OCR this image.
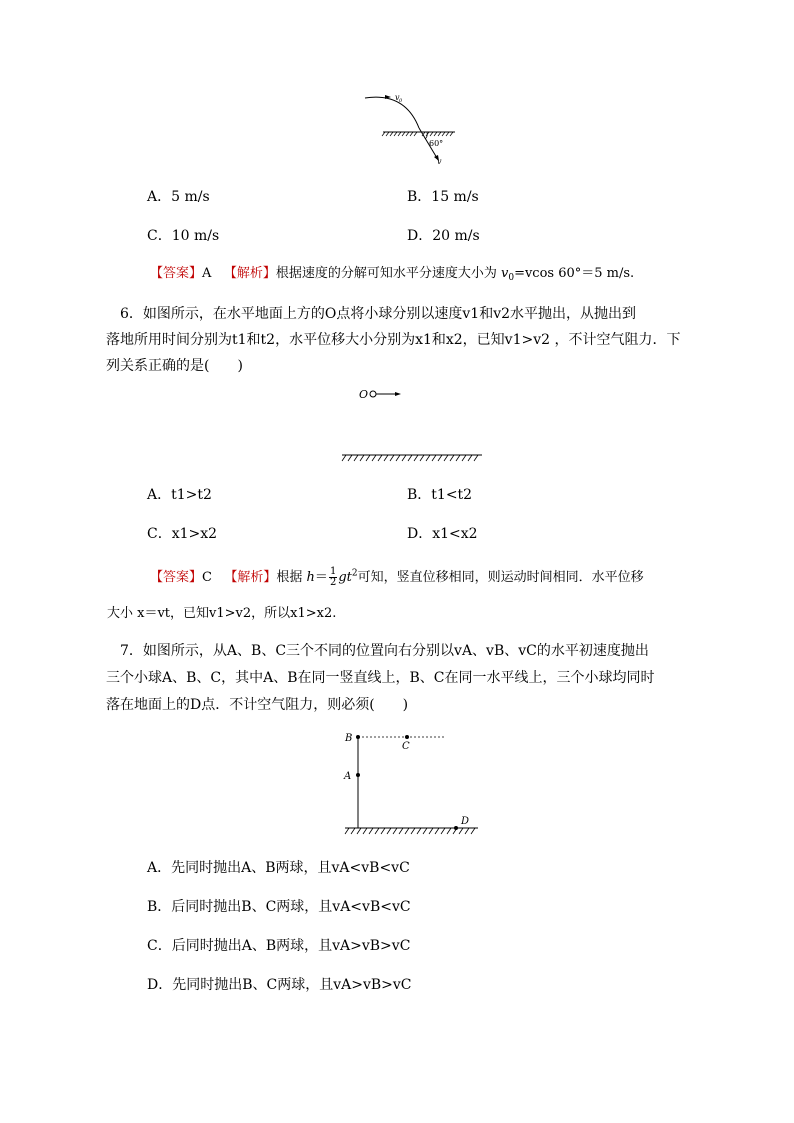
v 0
60°
v
A．5 m/s	B．15 m/s
C．10 m/s	D．20 m/s
【答案】A 【解析】根据速度的分解可知水平分速度大小为 $v_0=vcos$ 60°＝5 m/s.
6．如图所示，在水平地面上方的O点将小球分别以速度v1和v2水平抛出，从抛出到
落地所用时间分别为t1和t2，水平位移大小分别为x1和x2，已知v1>v2 ，不计空气阻力．下
列关系正确的是(　　)
O
A．t1>t2	B．t1<t2
C．x1>x2	D．x1<x2
【答案】C 【解析】根据 $h= \frac{1}{2} gt^2$可知，竖直位移相同，则运动时间相同．水平位移
大小 x＝vt，已知v1>v2，所以x1>x2.
7．如图所示，从A、B、C三个不同的位置向右分别以vA、vB、vC的水平初速度抛出
三个小球A、B、C，其中A、B在同一竖直线上，B、C在同一水平线上，三个小球均同时
落在地面上的D点．不计空气阻力，则必须(　　)
B
C
A
D
A．先同时抛出A、B两球，且vA<vB<vC
B．后同时抛出B、C两球，且vA<vB<vC
C．后同时抛出A、B两球，且vA>vB>vC
D．先同时抛出B、C两球，且vA>vB>vC
